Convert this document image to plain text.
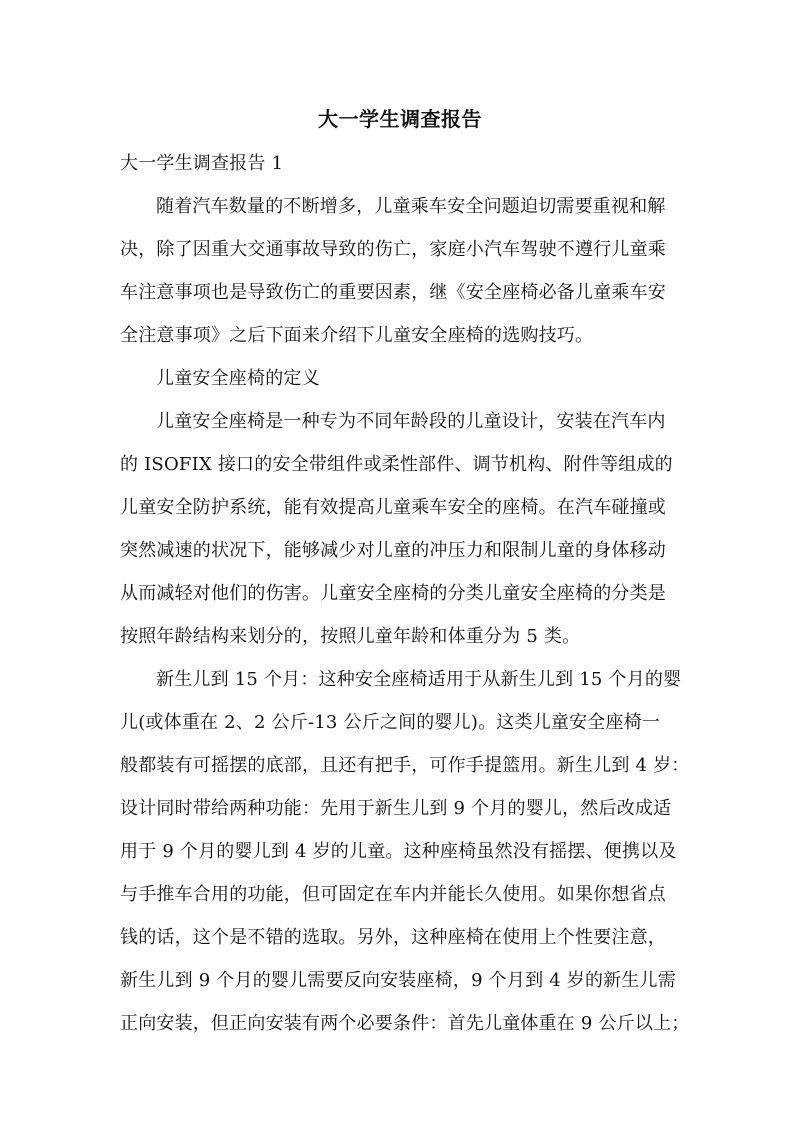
大一学生调查报告
大一学生调查报告 1
随着汽车数量的不断增多，儿童乘车安全问题迫切需要重视和解
决，除了因重大交通事故导致的伤亡，家庭小汽车驾驶不遵行儿童乘
车注意事项也是导致伤亡的重要因素，继《安全座椅必备儿童乘车安
全注意事项》之后下面来介绍下儿童安全座椅的选购技巧。
儿童安全座椅的定义
儿童安全座椅是一种专为不同年龄段的儿童设计，安装在汽车内
的 ISOFIX 接口的安全带组件或柔性部件、调节机构、附件等组成的
儿童安全防护系统，能有效提高儿童乘车安全的座椅。在汽车碰撞或
突然减速的状况下，能够减少对儿童的冲压力和限制儿童的身体移动
从而减轻对他们的伤害。儿童安全座椅的分类儿童安全座椅的分类是
按照年龄结构来划分的，按照儿童年龄和体重分为 5 类。
新生儿到 15 个月：这种安全座椅适用于从新生儿到 15 个月的婴
儿(或体重在 2、2 公斤-13 公斤之间的婴儿)。这类儿童安全座椅一
般都装有可摇摆的底部，且还有把手，可作手提篮用。新生儿到 4 岁：
设计同时带给两种功能：先用于新生儿到 9 个月的婴儿，然后改成适
用于 9 个月的婴儿到 4 岁的儿童。这种座椅虽然没有摇摆、便携以及
与手推车合用的功能，但可固定在车内并能长久使用。如果你想省点
钱的话，这个是不错的选取。另外，这种座椅在使用上个性要注意，
新生儿到 9 个月的婴儿需要反向安装座椅，9 个月到 4 岁的新生儿需
正向安装，但正向安装有两个必要条件：首先儿童体重在 9 公斤以上；
